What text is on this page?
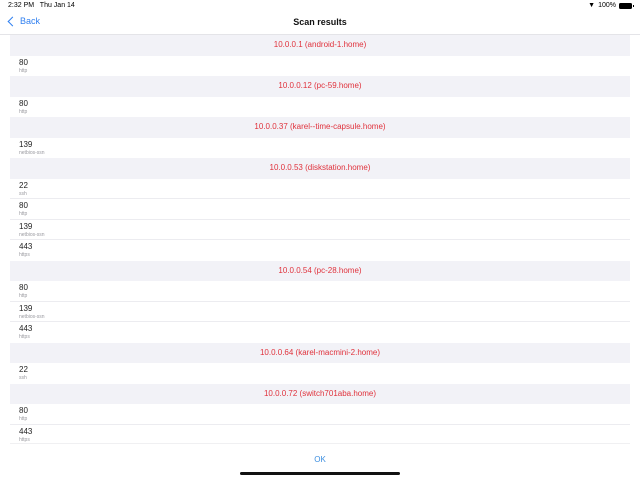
2:32 PM Thu Jan 14	▼ 100%
Back	Scan results
10.0.0.1 (android-1.home)
80
http
10.0.0.12 (pc-59.home)
80
http
10.0.0.37 (karel--time-capsule.home)
139
netbios-ssn
10.0.0.53 (diskstation.home)
22
ssh
80
http
139
netbios-ssn
443
https
10.0.0.54 (pc-28.home)
80
http
139
netbios-ssn
443
https
10.0.0.64 (karel-macmini-2.home)
22
ssh
10.0.0.72 (switch701aba.home)
80
http
443
https
OK
